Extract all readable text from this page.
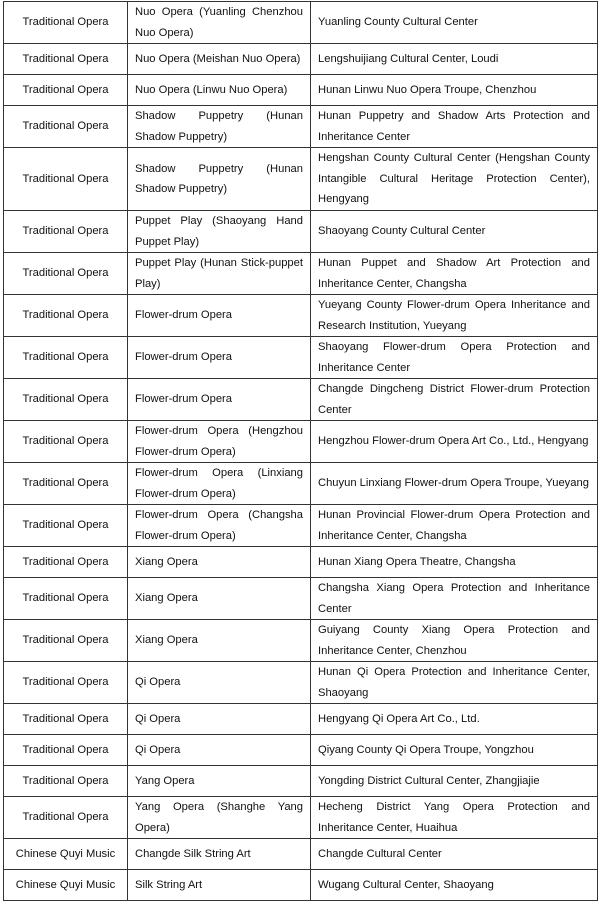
Traditional Opera	Nuo Opera (Yuanling Chenzhou Nuo Opera)	Yuanling County Cultural Center
Traditional Opera	Nuo Opera (Meishan Nuo Opera)	Lengshuijiang Cultural Center, Loudi
Traditional Opera	Nuo Opera (Linwu Nuo Opera)	Hunan Linwu Nuo Opera Troupe, Chenzhou
Traditional Opera	Shadow Puppetry (Hunan Shadow Puppetry)	Hunan Puppetry and Shadow Arts Protection and Inheritance Center
Traditional Opera	Shadow Puppetry (Hunan Shadow Puppetry)	Hengshan County Cultural Center (Hengshan County Intangible Cultural Heritage Protection Center), Hengyang
Traditional Opera	Puppet Play (Shaoyang Hand Puppet Play)	Shaoyang County Cultural Center
Traditional Opera	Puppet Play (Hunan Stick-puppet Play)	Hunan Puppet and Shadow Art Protection and Inheritance Center, Changsha
Traditional Opera	Flower-drum Opera	Yueyang County Flower-drum Opera Inheritance and Research Institution, Yueyang
Traditional Opera	Flower-drum Opera	Shaoyang Flower-drum Opera Protection and Inheritance Center
Traditional Opera	Flower-drum Opera	Changde Dingcheng District Flower-drum Protection Center
Traditional Opera	Flower-drum Opera (Hengzhou Flower-drum Opera)	Hengzhou Flower-drum Opera Art Co., Ltd., Hengyang
Traditional Opera	Flower-drum Opera (Linxiang Flower-drum Opera)	Chuyun Linxiang Flower-drum Opera Troupe, Yueyang
Traditional Opera	Flower-drum Opera (Changsha Flower-drum Opera)	Hunan Provincial Flower-drum Opera Protection and Inheritance Center, Changsha
Traditional Opera	Xiang Opera	Hunan Xiang Opera Theatre, Changsha
Traditional Opera	Xiang Opera	Changsha Xiang Opera Protection and Inheritance Center
Traditional Opera	Xiang Opera	Guiyang County Xiang Opera Protection and Inheritance Center, Chenzhou
Traditional Opera	Qi Opera	Hunan Qi Opera Protection and Inheritance Center, Shaoyang
Traditional Opera	Qi Opera	Hengyang Qi Opera Art Co., Ltd.
Traditional Opera	Qi Opera	Qiyang County Qi Opera Troupe, Yongzhou
Traditional Opera	Yang Opera	Yongding District Cultural Center, Zhangjiajie
Traditional Opera	Yang Opera (Shanghe Yang Opera)	Hecheng District Yang Opera Protection and Inheritance Center, Huaihua
Chinese Quyi Music	Changde Silk String Art	Changde Cultural Center
Chinese Quyi Music	Silk String Art	Wugang Cultural Center, Shaoyang
